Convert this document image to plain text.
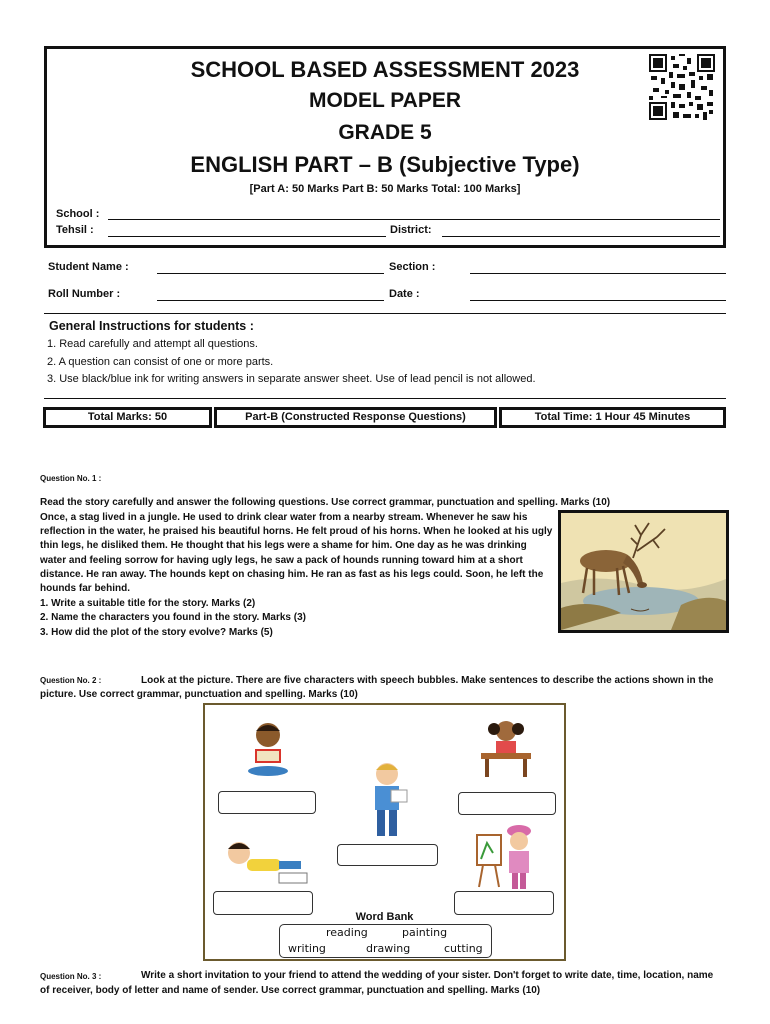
SCHOOL BASED ASSESSMENT 2023
MODEL PAPER
GRADE 5
ENGLISH PART – B (Subjective Type)
[Part A: 50 Marks Part B: 50 Marks Total: 100 Marks]
School :
Tehsil :	District:
Student Name :	Section :
Roll Number :	Date :
General Instructions for students :
1. Read carefully and attempt all questions.
2. A question can consist of one or more parts.
3. Use black/blue ink for writing answers in separate answer sheet. Use of lead pencil is not allowed.
Total Marks: 50	Part-B (Constructed Response Questions)	Total Time: 1 Hour 45 Minutes
Question No. 1 :
Read the story carefully and answer the following questions. Use correct grammar, punctuation and spelling. Marks (10)
Once, a stag lived in a jungle. He used to drink clear water from a nearby stream. Whenever he saw his
reflection in the water, he praised his beautiful horns. He felt proud of his horns. When he looked at his ugly
thin legs, he disliked them. He thought that his legs were a shame for him. One day as he was drinking
water and feeling sorrow for having ugly legs, he saw a pack of hounds running toward him at a short
distance. He ran away. The hounds kept on chasing him. He ran as fast as his legs could. Soon, he left the
hounds far behind.
1. Write a suitable title for the story. Marks (2)
2. Name the characters you found in the story. Marks (3)
3. How did the plot of the story evolve? Marks (5)
Question No. 2 :	Look at the picture. There are five characters with speech bubbles. Make sentences to describe the actions shown in the
picture. Use correct grammar, punctuation and spelling. Marks (10)
Word Bank
reading	painting
writing	drawing	cutting
Question No. 3 :	Write a short invitation to your friend to attend the wedding of your sister. Don't forget to write date, time, location, name
of receiver, body of letter and name of sender. Use correct grammar, punctuation and spelling. Marks (10)
